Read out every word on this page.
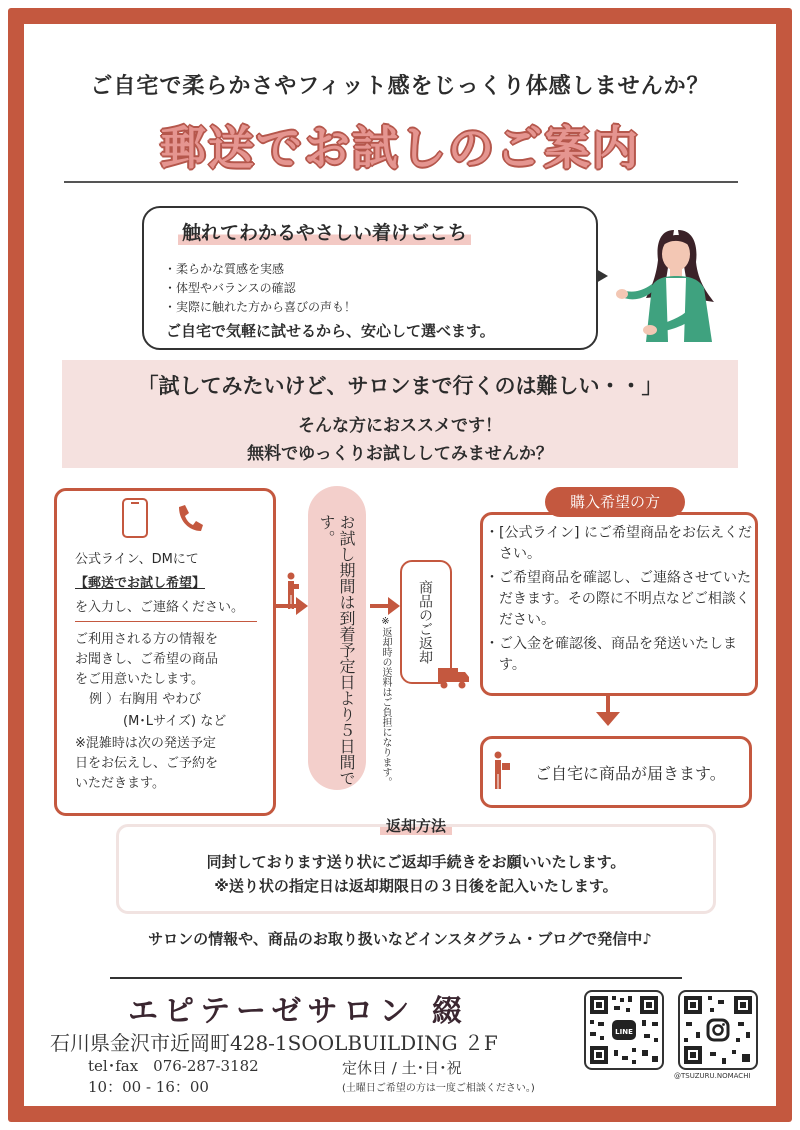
ご自宅で柔らかさやフィット感をじっくり体感しませんか？
郵送でお試しのご案内
触れてわかるやさしい着けごこち
・柔らかな質感を実感
・体型やバランスの確認
・実際に触れた方から喜びの声も！
ご自宅で気軽に試せるから、安心して選べます。
「試してみたいけど、サロンまで行くのは難しい・・」
そんな方におススメです！
無料でゆっくりお試ししてみませんか？
公式ライン、DMにて
【郵送でお試し希望】
を入力し、ご連絡ください。
ご利用される方の情報を
お聞きし、ご希望の商品
をご用意いたします。
例 ）右胸用 やわび
(M･Lサイズ) など
※混雑時は次の発送予定
日をお伝えし、ご予約を
いただきます。	お試し期間は到着予定日より５日間です。
商品のご返却
※返却時の送料はご負担になります。
購入希望の方
・ [公式ライン] にご希望商品をお伝えください。
・ ご希望商品を確認し、ご連絡させていただきます。その際に不明点などご相談ください。
・ ご入金を確認後、商品を発送いたします。
ご自宅に商品が届きます。
返却方法
同封しております送り状にご返却手続きをお願いいたします。
※送り状の指定日は返却期限日の３日後を記入いたします。
サロンの情報や、商品のお取り扱いなどインスタグラム・ブログで発信中♪
エピテーゼサロン 綴
石川県金沢市近岡町428-1SOOLBUILDING ２F
tel･fax　076-287-3182
10：00 - 16：00
定休日 / 土･日･祝
(土曜日ご希望の方は一度ご相談ください。)
LINE
@TSUZURU.NOMACHI
